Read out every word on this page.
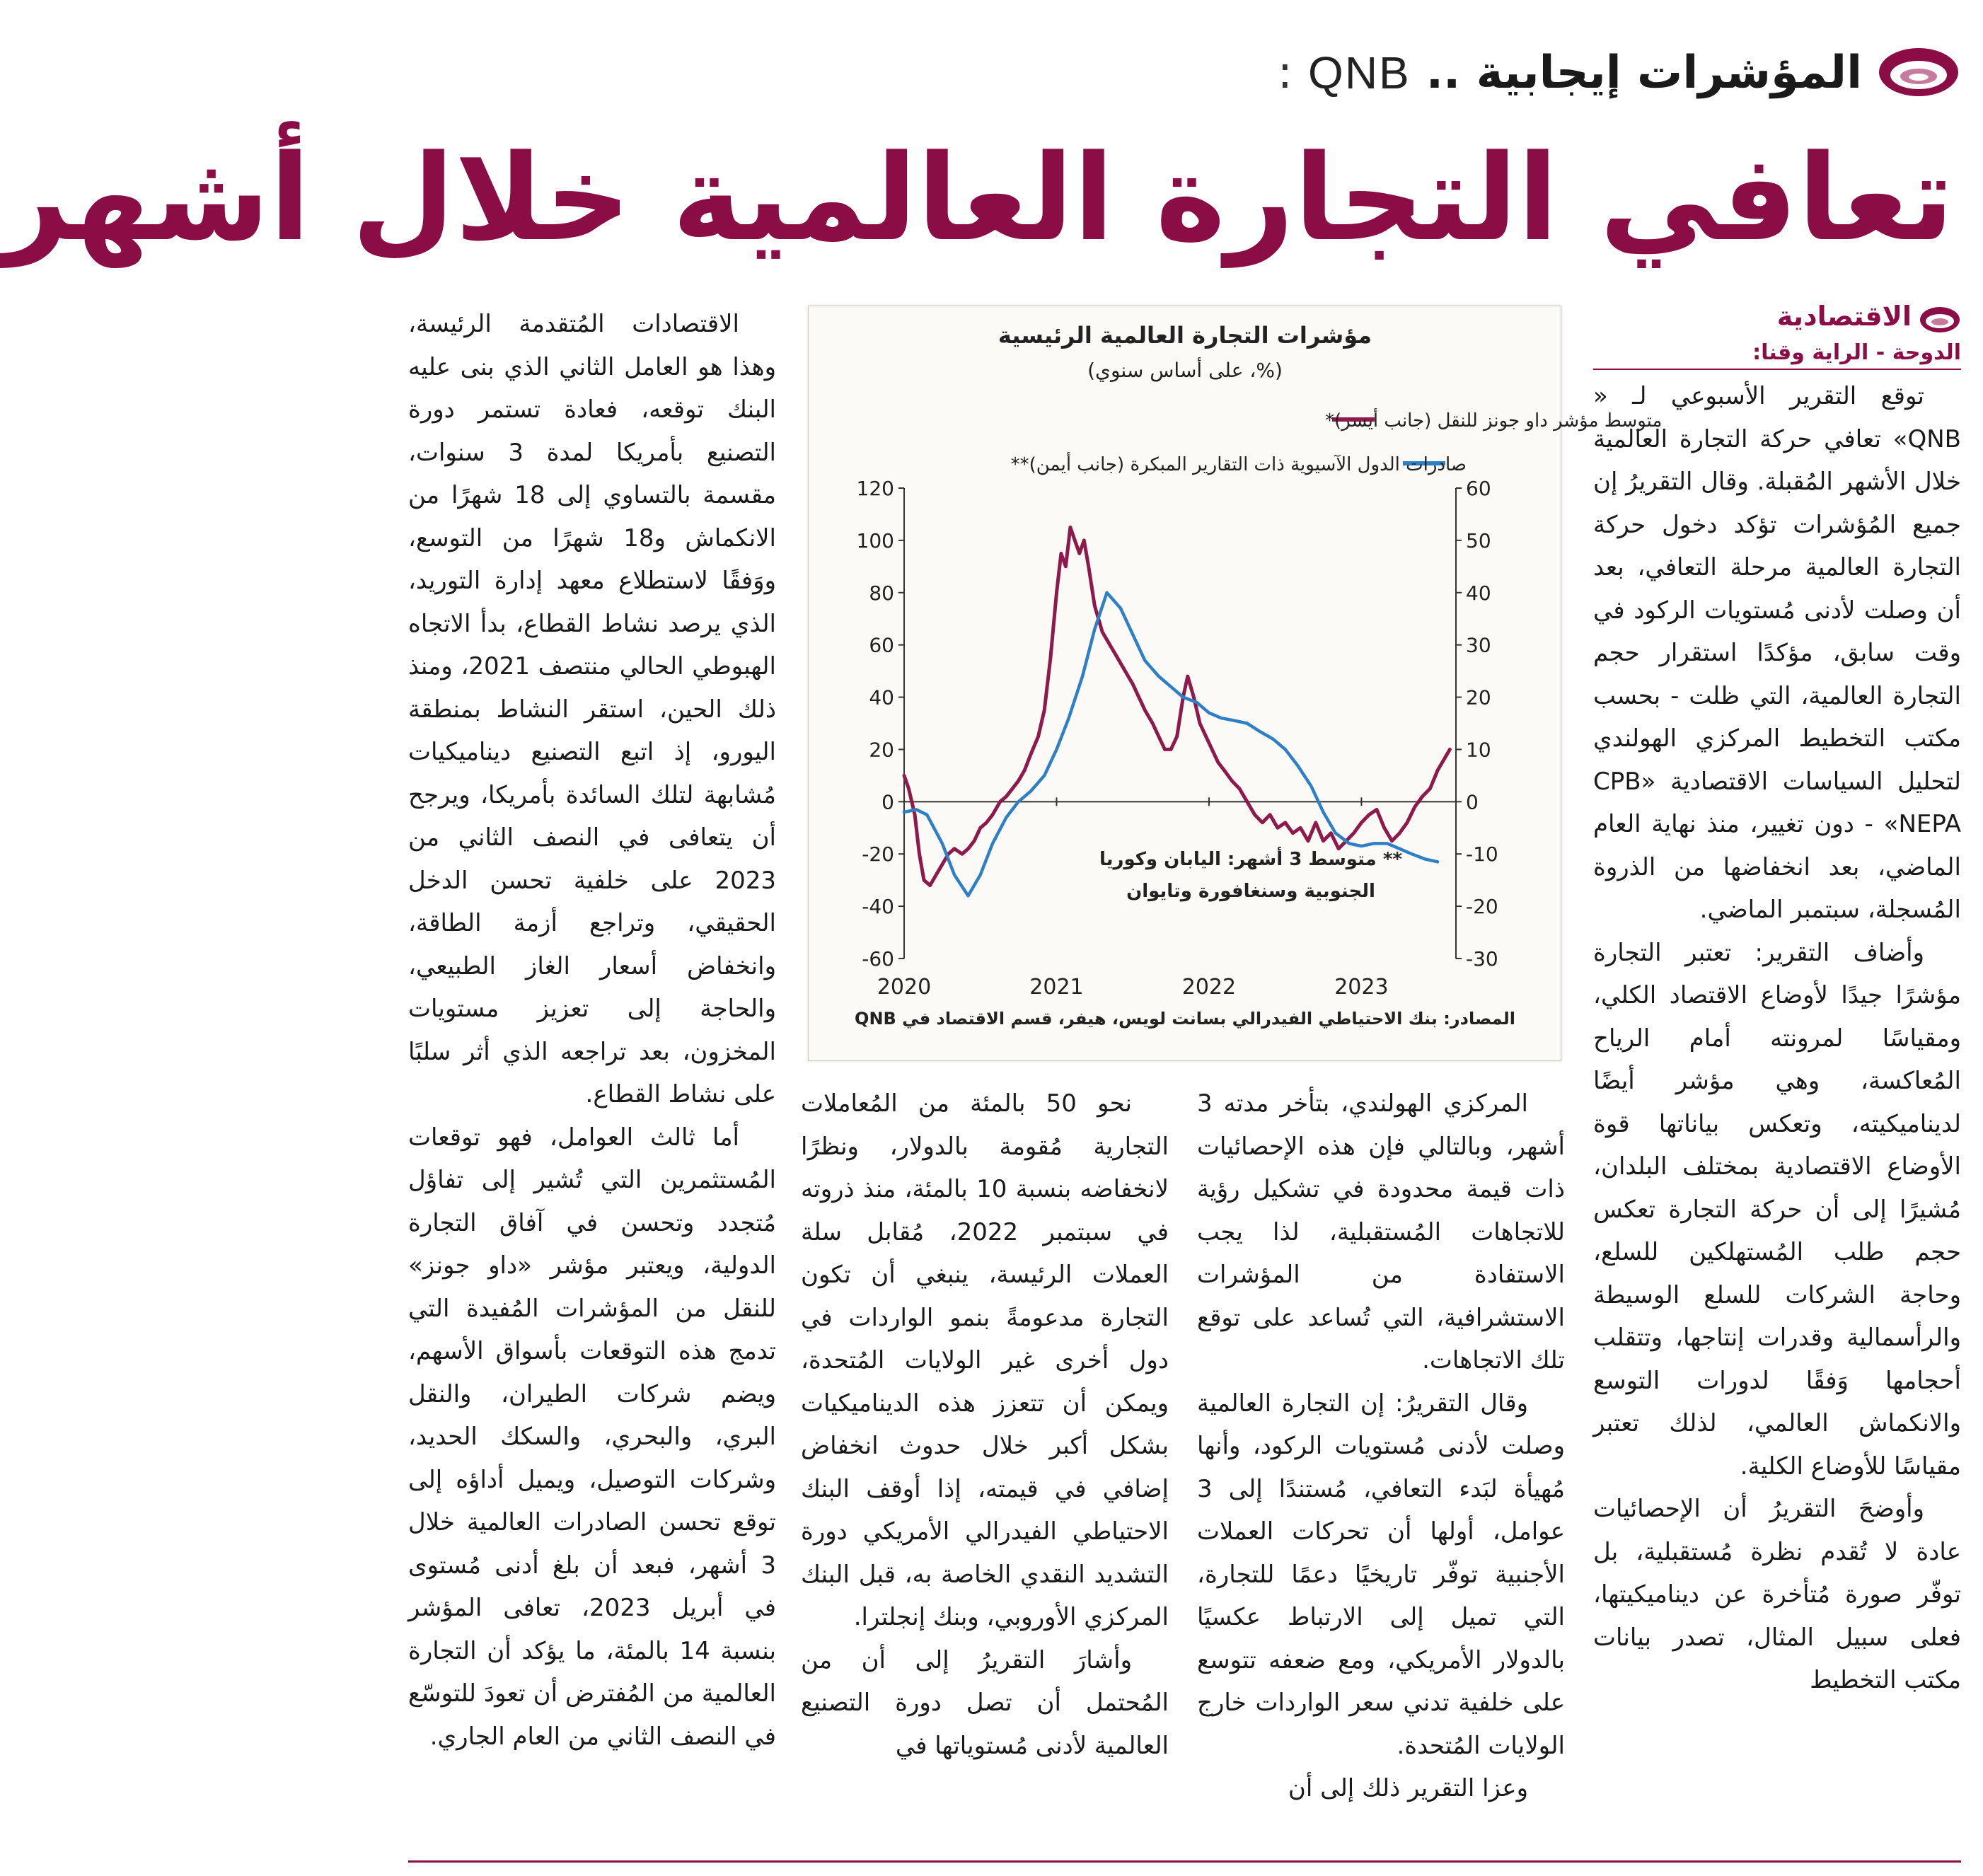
المؤشرات إيجابية ..
QNB
:
تعافي التجارة العالمية خلال أشهر
الاقتصادية
الدوحة - الراية وقنا:

توقع التقرير الأسبوعي لـ « QNB» تعافي حركة التجارة العالمية خلال الأشهر المُقبلة. وقال التقريرُ إن جميع المُؤشرات تؤكد دخول حركة التجارة العالمية مرحلة التعافي، بعد أن وصلت لأدنى مُستويات الركود في وقت سابق، مؤكدًا استقرار حجم التجارة العالمية، التي ظلت - بحسب مكتب التخطيط المركزي الهولندي لتحليل السياسات الاقتصادية «CPB NEPA» - دون تغيير، منذ نهاية العام الماضي، بعد انخفاضها من الذروة المُسجلة، سبتمبر الماضي.

وأضاف التقرير: تعتبر التجارة مؤشرًا جيدًا لأوضاع الاقتصاد الكلي، ومقياسًا لمرونته أمام الرياح المُعاكسة، وهي مؤشر أيضًا لديناميكيته، وتعكس بياناتها قوة الأوضاع الاقتصادية بمختلف البلدان، مُشيرًا إلى أن حركة التجارة تعكس حجم طلب المُستهلكين للسلع، وحاجة الشركات للسلع الوسيطة والرأسمالية وقدرات إنتاجها، وتتقلب أحجامها وَفقًا لدورات التوسع والانكماش العالمي، لذلك تعتبر مقياسًا للأوضاع الكلية.

وأوضحَ التقريرُ أن الإحصائيات عادة لا تُقدم نظرة مُستقبلية، بل توفّر صورة مُتأخرة عن ديناميكيتها، فعلى سبيل المثال، تصدر بيانات مكتب التخطيط

المركزي الهولندي، بتأخر مدته 3 أشهر، وبالتالي فإن هذه الإحصائيات ذات قيمة محدودة في تشكيل رؤية للاتجاهات المُستقبلية، لذا يجب الاستفادة من المؤشرات الاستشرافية، التي تُساعد على توقع تلك الاتجاهات.

وقال التقريرُ: إن التجارة العالمية وصلت لأدنى مُستويات الركود، وأنها مُهيأة لبَدء التعافي، مُستندًا إلى 3 عوامل، أولها أن تحركات العملات الأجنبية توفّر تاريخيًا دعمًا للتجارة، التي تميل إلى الارتباط عكسيًا بالدولار الأمريكي، ومع ضعفه تتوسع على خلفية تدني سعر الواردات خارج الولايات المُتحدة.

وعزا التقرير ذلك إلى أن

نحو 50 بالمئة من المُعاملات التجارية مُقومة بالدولار، ونظرًا لانخفاضه بنسبة 10 بالمئة، منذ ذروته في سبتمبر 2022، مُقابل سلة العملات الرئيسة، ينبغي أن تكون التجارة مدعومةً بنمو الواردات في دول أخرى غير الولايات المُتحدة، ويمكن أن تتعزز هذه الديناميكيات بشكل أكبر خلال حدوث انخفاض إضافي في قيمته، إذا أوقف البنك الاحتياطي الفيدرالي الأمريكي دورة التشديد النقدي الخاصة به، قبل البنك المركزي الأوروبي، وبنك إنجلترا.

وأشارَ التقريرُ إلى أن من المُحتمل أن تصل دورة التصنيع العالمية لأدنى مُستوياتها في

الاقتصادات المُتقدمة الرئيسة، وهذا هو العامل الثاني الذي بنى عليه البنك توقعه، فعادة تستمر دورة التصنيع بأمريكا لمدة 3 سنوات، مقسمة بالتساوي إلى 18 شهرًا من الانكماش و18 شهرًا من التوسع، ووَفقًا لاستطلاع معهد إدارة التوريد، الذي يرصد نشاط القطاع، بدأ الاتجاه الهبوطي الحالي منتصف 2021، ومنذ ذلك الحين، استقر النشاط بمنطقة اليورو، إذ اتبع التصنيع ديناميكيات مُشابهة لتلك السائدة بأمريكا، ويرجح أن يتعافى في النصف الثاني من 2023 على خلفية تحسن الدخل الحقيقي، وتراجع أزمة الطاقة، وانخفاض أسعار الغاز الطبيعي، والحاجة إلى تعزيز مستويات المخزون، بعد تراجعه الذي أثر سلبًا على نشاط القطاع.

أما ثالث العوامل، فهو توقعات المُستثمرين التي تُشير إلى تفاؤل مُتجدد وتحسن في آفاق التجارة الدولية، ويعتبر مؤشر «داو جونز» للنقل من المؤشرات المُفيدة التي تدمج هذه التوقعات بأسواق الأسهم، ويضم شركات الطيران، والنقل البري، والبحري، والسكك الحديد، وشركات التوصيل، ويميل أداؤه إلى توقع تحسن الصادرات العالمية خلال 3 أشهر، فبعد أن بلغ أدنى مُستوى في أبريل 2023، تعافى المؤشر بنسبة 14 بالمئة، ما يؤكد أن التجارة العالمية من المُفترض أن تعودَ للتوسّع في النصف الثاني من العام الجاري.

مؤشرات التجارة العالمية الرئيسية
(%، على أساس سنوي)
متوسط مؤشر داو جونز للنقل (جانب أيسر)*
صادرات الدول الآسيوية ذات التقارير المبكرة (جانب أيمن)**
120
100
80
60
40
20
0
-20
-40
-60
60
50
40
30
20
10
0
-10
-20
-30
2020	2021	2022	2023
** متوسط 3 أشهر: اليابان وكوريا
الجنوبية وسنغافورة وتايوان
المصادر: بنك الاحتياطي الفيدرالي بسانت لويس، هيفر، قسم الاقتصاد في QNB
